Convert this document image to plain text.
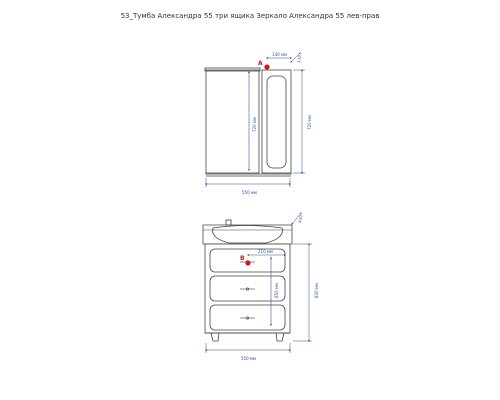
53_Тумба Александра 55 три ящика Зеркало Александра 55 лев-прав
550 мм
720 мм
720 мм
140 мм
170
A
550 мм
830 мм
210 мм
650 мм
420
B
